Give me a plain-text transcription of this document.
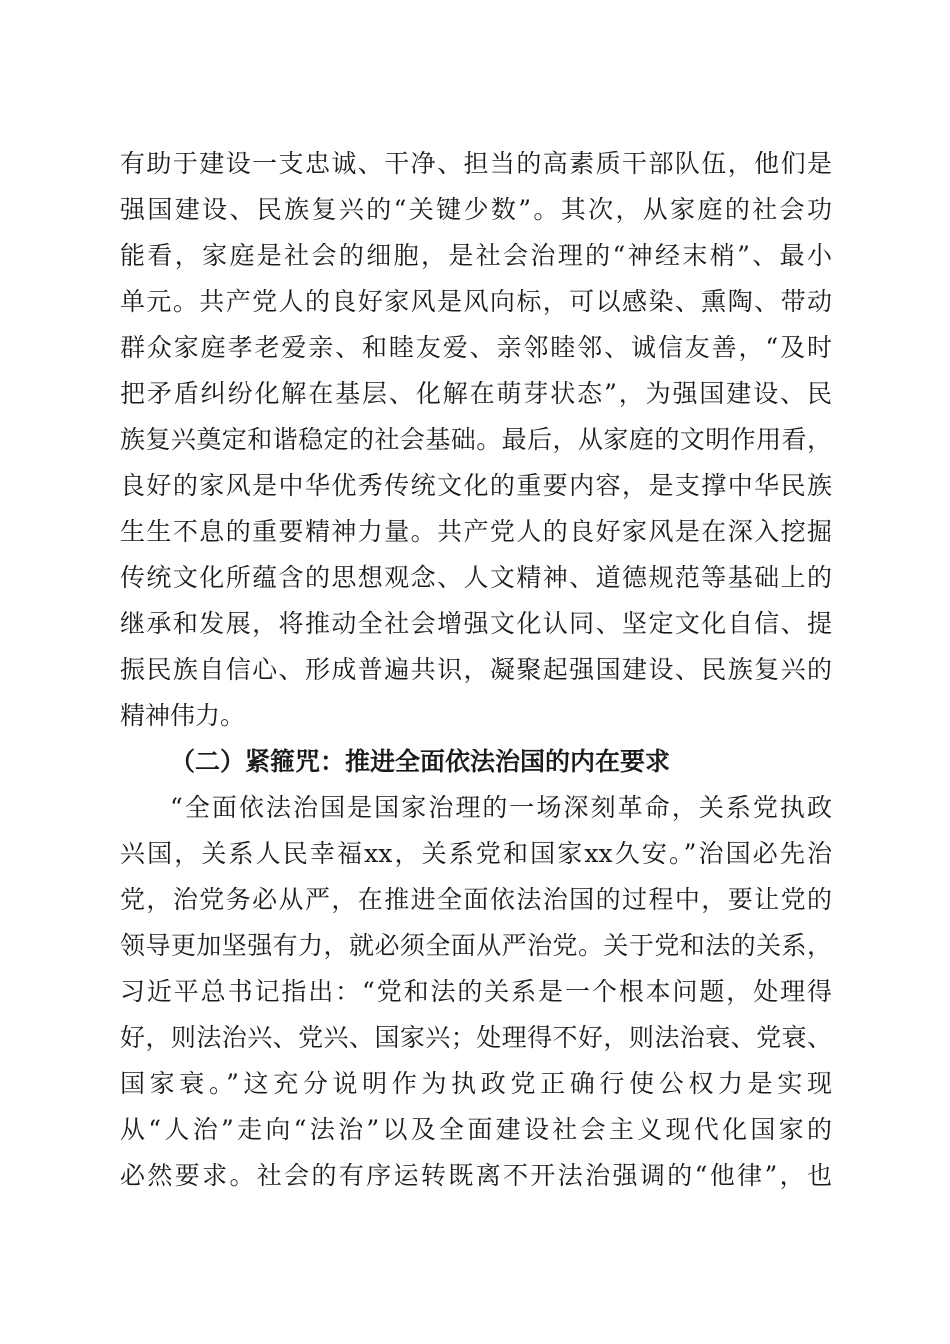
有助于建设一支忠诚、干净、担当的高素质干部队伍，他们是
强国建设、民族复兴的“关键少数”。其次，从家庭的社会功
能看，家庭是社会的细胞，是社会治理的“神经末梢”、最小
单元。共产党人的良好家风是风向标，可以感染、熏陶、带动
群众家庭孝老爱亲、和睦友爱、亲邻睦邻、诚信友善，“及时
把矛盾纠纷化解在基层、化解在萌芽状态”，为强国建设、民
族复兴奠定和谐稳定的社会基础。最后，从家庭的文明作用看，
良好的家风是中华优秀传统文化的重要内容，是支撑中华民族
生生不息的重要精神力量。共产党人的良好家风是在深入挖掘
传统文化所蕴含的思想观念、人文精神、道德规范等基础上的
继承和发展，将推动全社会增强文化认同、坚定文化自信、提
振民族自信心、形成普遍共识，凝聚起强国建设、民族复兴的
精神伟力。
（二）紧箍咒：推进全面依法治国的内在要求
“全面依法治国是国家治理的一场深刻革命，关系党执政
兴国，关系人民幸福xx，关系党和国家xx久安。”治国必先治
党，治党务必从严，在推进全面依法治国的过程中，要让党的
领导更加坚强有力，就必须全面从严治党。关于党和法的关系，
习近平总书记指出：“党和法的关系是一个根本问题，处理得
好，则法治兴、党兴、国家兴；处理得不好，则法治衰、党衰、
国家衰。”这充分说明作为执政党正确行使公权力是实现
从“人治”走向“法治”以及全面建设社会主义现代化国家的
必然要求。社会的有序运转既离不开法治强调的“他律”，也
